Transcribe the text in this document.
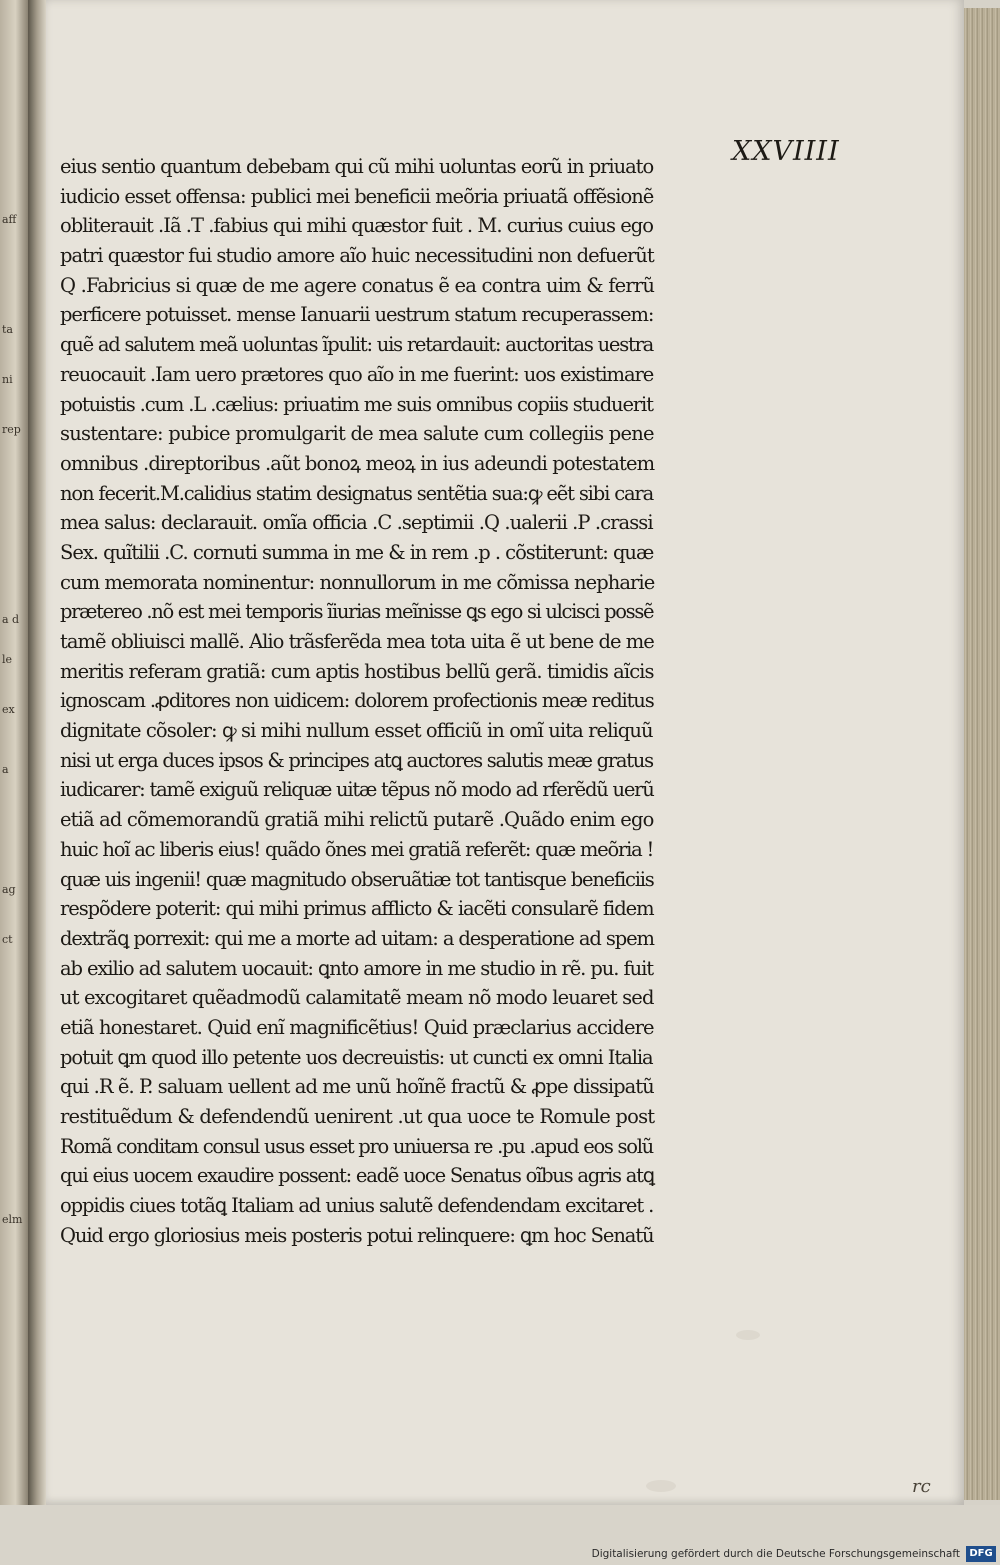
aff
ta
ni
rep
a d
le
ex
a
ag
ct
elm
XXVIIII
eius sentio quantum debebam qui cũ mihi uoluntas eorũ in priuato
iudicio esset offensa: publici mei beneficii meõria priuatã offẽsionẽ
obliterauit .Iã .T .fabius qui mihi quæstor fuit . M. curius cuius ego
patri quæstor fui studio amore aĩo huic necessitudini non defuerũt
Q .Fabricius si quæ de me agere conatus ẽ ea contra uim & ferrũ
perficere potuisset. mense Ianuarii uestrum statum recuperassem:
quẽ ad salutem meã uoluntas ĩpulit: uis retardauit: auctoritas uestra
reuocauit .Iam uero prætores quo aĩo in me fuerint: uos existimare
potuistis .cum .L .cælius: priuatim me suis omnibus copiis studuerit
sustentare: pubice promulgarit de mea salute cum collegiis pene
omnibus .direptoribus .aũt bonoꝝ meoꝝ in ius adeundi potestatem
non fecerit.M.calidius statim designatus sentẽtia sua:ꝙ eẽt sibi cara
mea salus: declarauit. omĩa officia .C .septimii .Q .ualerii .P .crassi
Sex. quĩtilii .C. cornuti summa in me & in rem .p . cõstiterunt: quæ
cum memorata nominentur: nonnullorum in me cõmissa nepharie
prætereo .nõ est mei temporis ĩiurias meĩnisse ꝗs ego si ulcisci possẽ
tamẽ obliuisci mallẽ. Alio trãsferẽda mea tota uita ẽ ut bene de me
meritis referam gratiã: cum aptis hostibus bellũ gerã. timidis aĩcis
ignoscam .ꝓditores non uidicem: dolorem profectionis meæ reditus
dignitate cõsoler: ꝙ si mihi nullum esset officiũ in omĩ uita reliquũ
nisi ut erga duces ipsos & principes atꝗ auctores salutis meæ gratus
iudicarer: tamẽ exiguũ reliquæ uitæ tẽpus nõ modo ad rferẽdũ uerũ
etiã ad cõmemorandũ gratiã mihi relictũ putarẽ .Quãdo enim ego
huic hoĩ ac liberis eius! quãdo õnes mei gratiã referẽt: quæ meõria !
quæ uis ingenii! quæ magnitudo obseruãtiæ tot tantisque beneficiis
respõdere poterit: qui mihi primus afflicto & iacẽti consularẽ fidem
dextrãꝗ porrexit: qui me a morte ad uitam: a desperatione ad spem
ab exilio ad salutem uocauit: ꝗnto amore in me studio in rẽ. pu. fuit
ut excogitaret quẽadmodũ calamitatẽ meam nõ modo leuaret sed
etiã honestaret. Quid enĩ magnificẽtius! Quid præclarius accidere
potuit ꝗm quod illo petente uos decreuistis: ut cuncti ex omni Italia
qui .R ẽ. P. saluam uellent ad me unũ hoĩnẽ fractũ & ꝓpe dissipatũ
restituẽdum & defendendũ uenirent .ut qua uoce te Romule post
Romã conditam consul usus esset pro uniuersa re .pu .apud eos solũ
qui eius uocem exaudire possent: eadẽ uoce Senatus oĩbus agris atꝗ
oppidis ciues totãꝗ Italiam ad unius salutẽ defendendam excitaret .
Quid ergo gloriosius meis posteris potui relinquere: ꝗm hoc Senatũ
rc
Digitalisierung gefördert durch die Deutsche Forschungsgemeinschaft DFG
